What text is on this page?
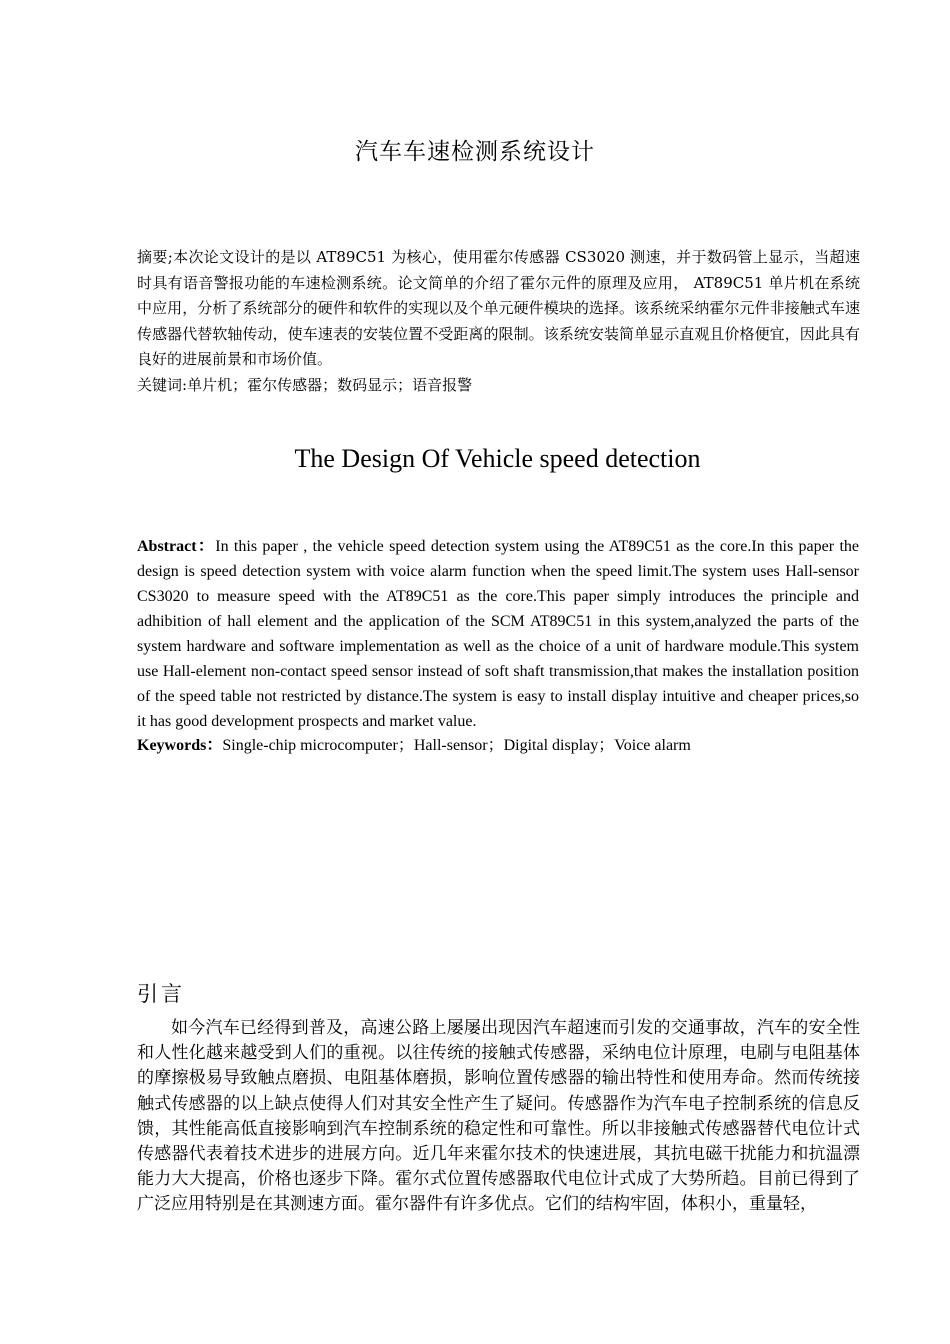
汽车车速检测系统设计

摘要;本次论文设计的是以 AT89C51 为核心，使用霍尔传感器 CS3020 测速，并于数码管上显示，当超速时具有语音警报功能的车速检测系统。论文简单的介绍了霍尔元件的原理及应用， AT89C51 单片机在系统中应用，分析了系统部分的硬件和软件的实现以及个单元硬件模块的选择。该系统采纳霍尔元件非接触式车速传感器代替软轴传动，使车速表的安装位置不受距离的限制。该系统安装简单显示直观且价格便宜，因此具有良好的进展前景和市场价值。

关键词:单片机；霍尔传感器；数码显示；语音报警

The Design Of Vehicle speed detection

Abstract：In this paper , the vehicle speed detection system using the AT89C51 as the core.In this paper the design is speed detection system with voice alarm function when the speed limit.The system uses Hall-sensor CS3020 to measure speed with the AT89C51 as the core.This paper simply introduces the principle and adhibition of hall element and the application of the SCM AT89C51 in this system,analyzed the parts of the system hardware and software implementation as well as the choice of a unit of hardware module.This system use Hall-element non-contact speed sensor instead of soft shaft transmission,that makes the installation position of the speed table not restricted by distance.The system is easy to install display intuitive and cheaper prices,so it has good development prospects and market value.

Keywords：Single-chip microcomputer；Hall-sensor；Digital display；Voice alarm

引言

如今汽车已经得到普及，高速公路上屡屡出现因汽车超速而引发的交通事故，汽车的安全性和人性化越来越受到人们的重视。以往传统的接触式传感器，采纳电位计原理，电刷与电阻基体的摩擦极易导致触点磨损、电阻基体磨损，影响位置传感器的输出特性和使用寿命。然而传统接触式传感器的以上缺点使得人们对其安全性产生了疑问。传感器作为汽车电子控制系统的信息反馈，其性能高低直接影响到汽车控制系统的稳定性和可靠性。所以非接触式传感器替代电位计式传感器代表着技术进步的进展方向。近几年来霍尔技术的快速进展，其抗电磁干扰能力和抗温漂能力大大提高，价格也逐步下降。霍尔式位置传感器取代电位计式成了大势所趋。目前已得到了广泛应用特别是在其测速方面。霍尔器件有许多优点。它们的结构牢固，体积小，重量轻，
